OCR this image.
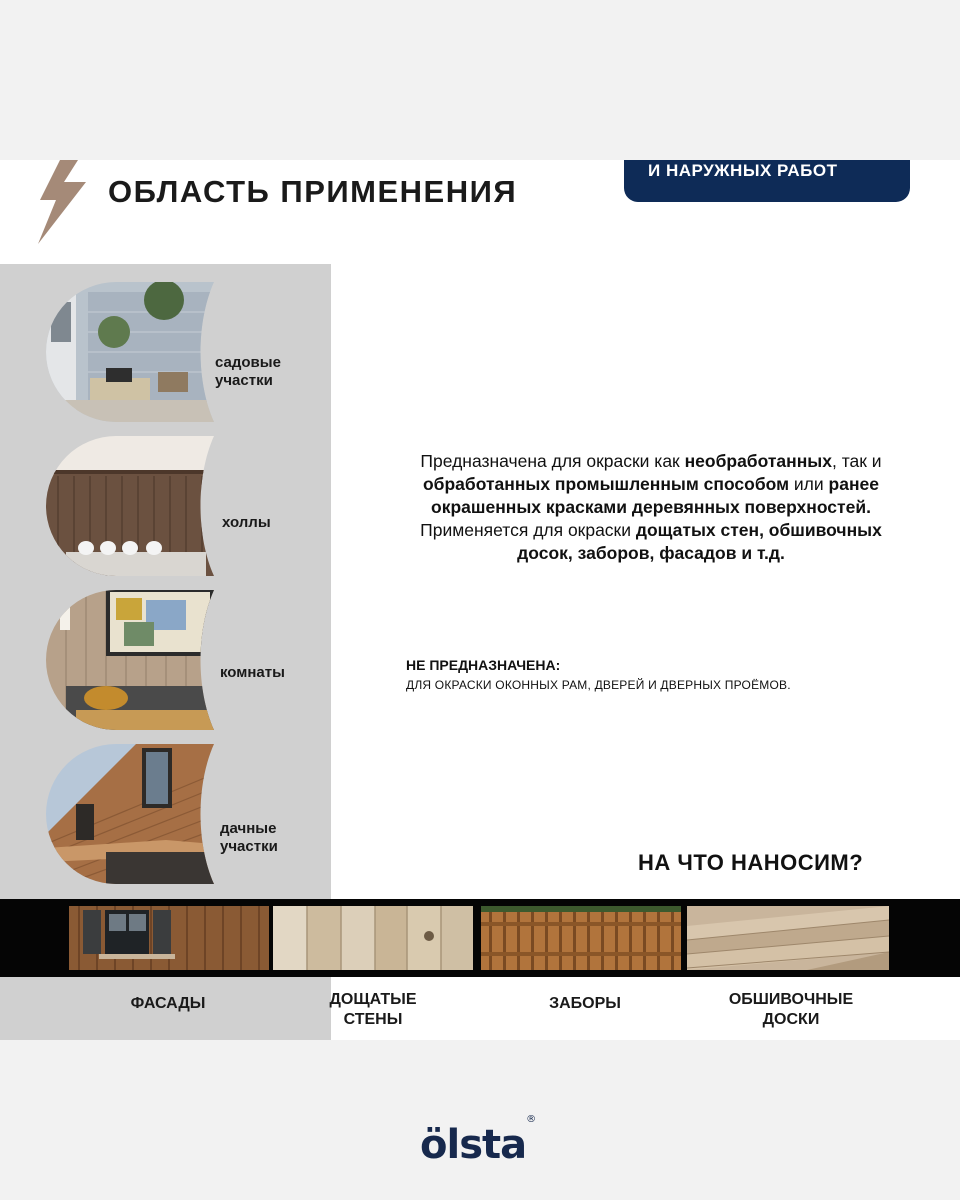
ОБЛАСТЬ ПРИМЕНЕНИЯ
И НАРУЖНЫХ РАБОТ
садовые участки
холлы
комнаты
дачные участки
Предназначена для окраски как необработанных, так и обработанных промышленным способом или ранее окрашенных красками деревянных поверхностей. Применяется для окраски дощатых стен, обшивочных досок, заборов, фасадов и т.д.
НЕ ПРЕДНАЗНАЧЕНА:
ДЛЯ ОКРАСКИ ОКОННЫХ РАМ, ДВЕРЕЙ И ДВЕРНЫХ ПРОЁМОВ.
НА ЧТО НАНОСИМ?
ФАСАДЫ	ДОЩАТЫЕ СТЕНЫ
ЗАБОРЫ	ОБШИВОЧНЫЕ ДОСКИ
ölsta®
